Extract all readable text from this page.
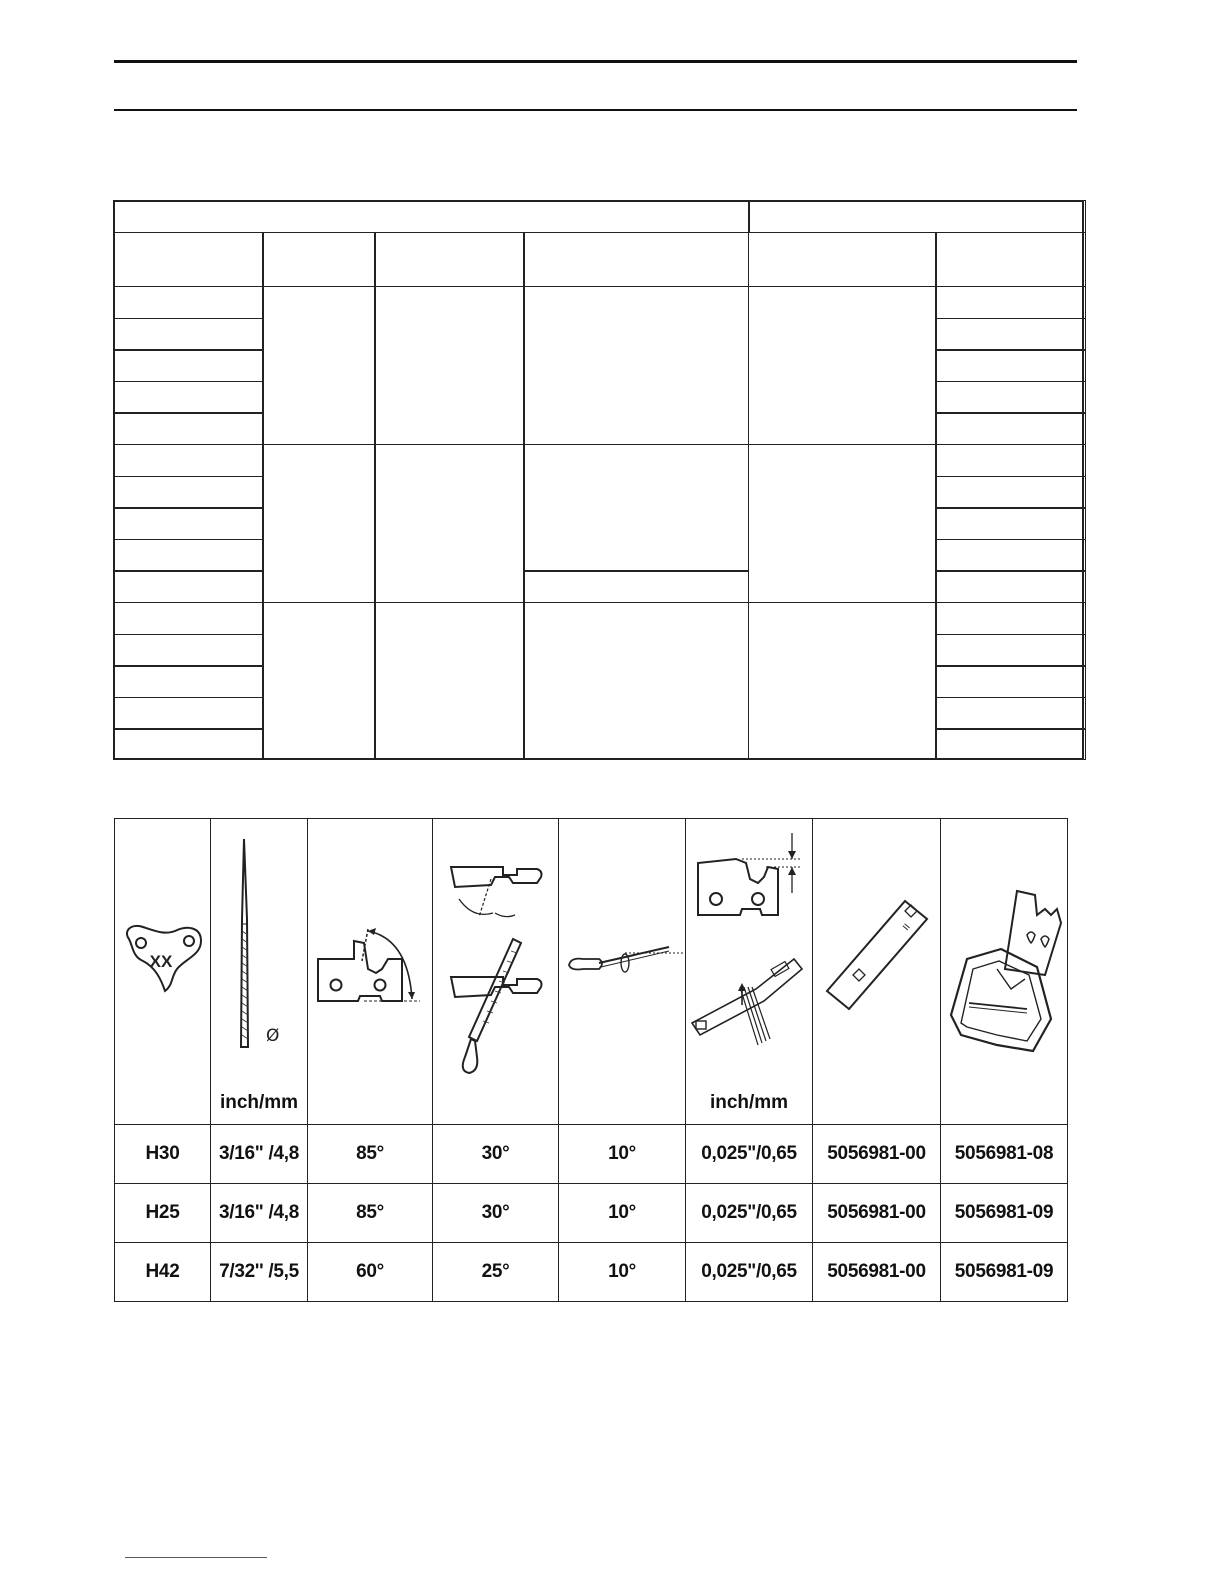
XX	Ø
inch/mm				inch/mm	II

H30	3/16" /4,8	85°	30°	10°	0,025"/0,65	5056981-00	5056981-08
H25	3/16" /4,8	85°	30°	10°	0,025"/0,65	5056981-00	5056981-09
H42	7/32'' /5,5	60°	25°	10°	0,025"/0,65	5056981-00	5056981-09
